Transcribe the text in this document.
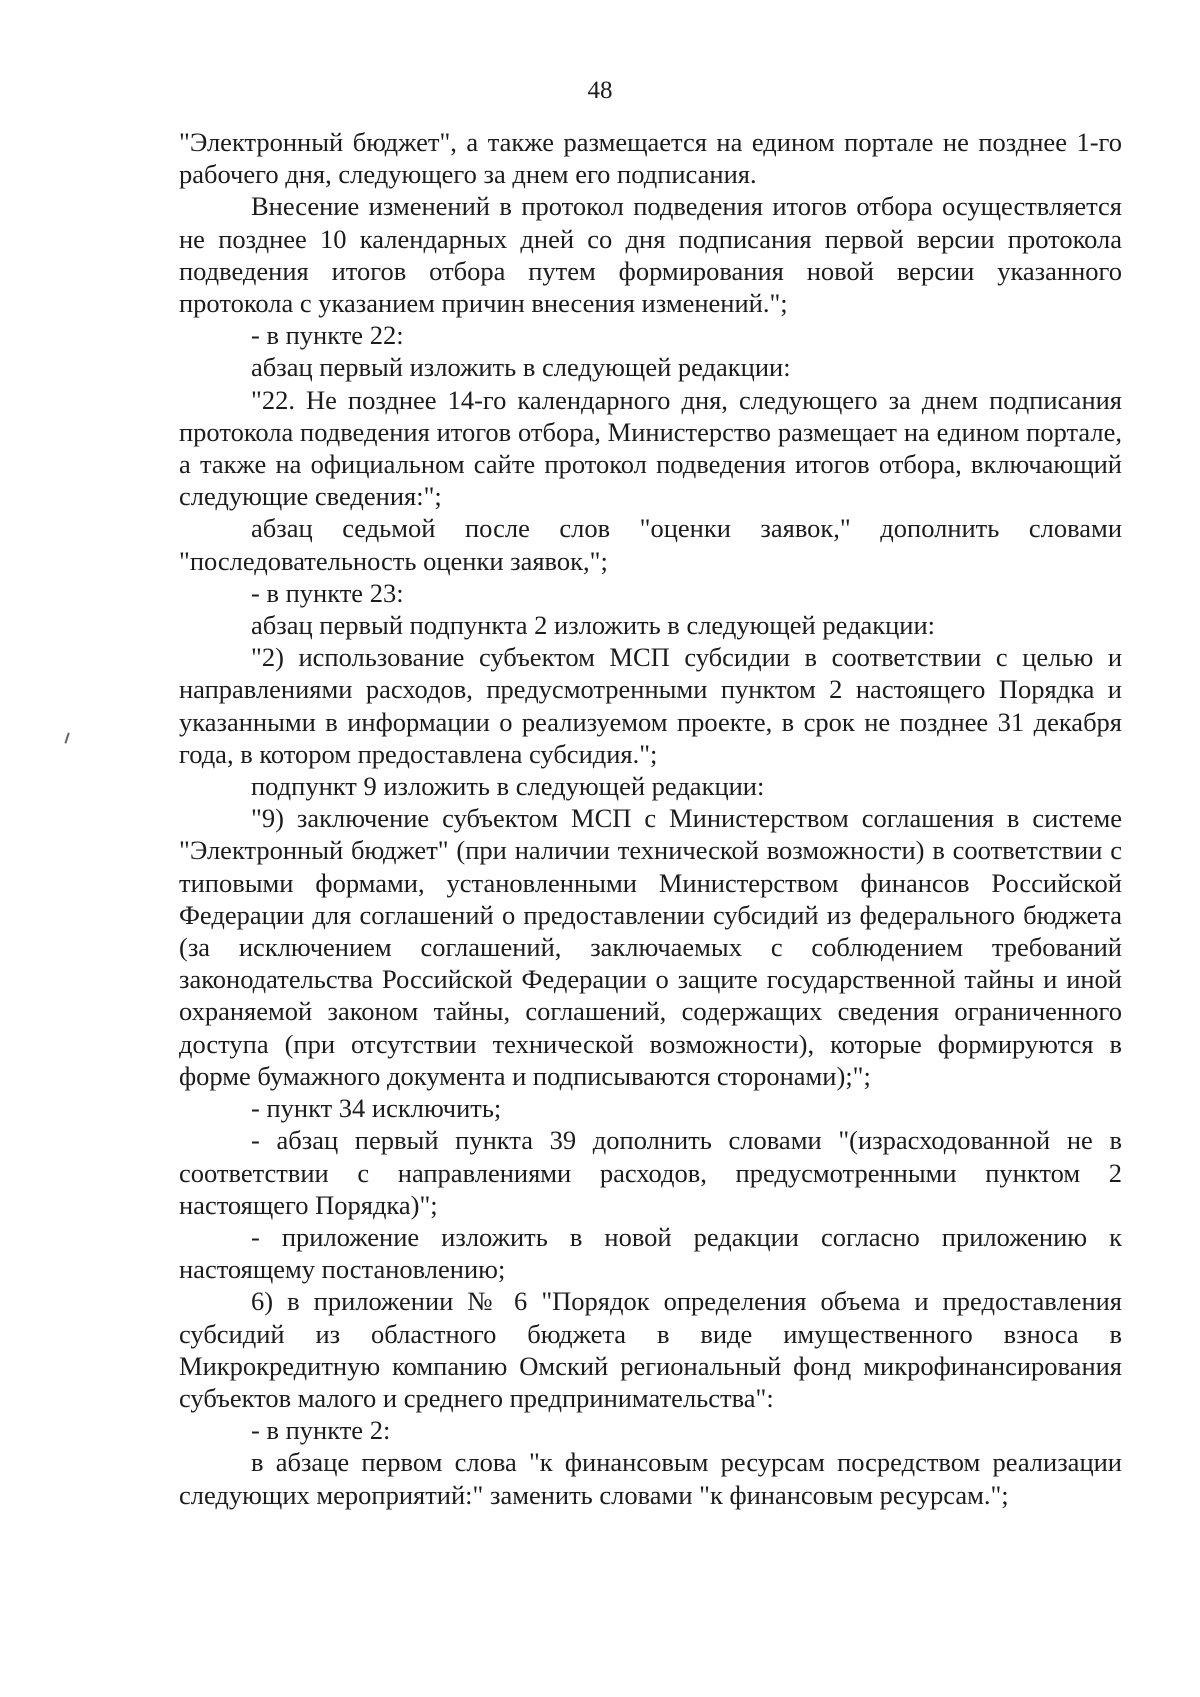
48

"Электронный бюджет", а также размещается на едином портале не позднее 1-го рабочего дня, следующего за днем его подписания.

Внесение изменений в протокол подведения итогов отбора осуществляется не позднее 10 календарных дней со дня подписания первой версии протокола подведения итогов отбора путем формирования новой версии указанного протокола с указанием причин внесения изменений.";

- в пункте 22:

абзац первый изложить в следующей редакции:

"22. Не позднее 14-го календарного дня, следующего за днем подписания протокола подведения итогов отбора, Министерство размещает на едином портале, а также на официальном сайте протокол подведения итогов отбора, включающий следующие сведения:";

абзац седьмой после слов "оценки заявок," дополнить словами "последовательность оценки заявок,";

- в пункте 23:

абзац первый подпункта 2 изложить в следующей редакции:

"2) использование субъектом МСП субсидии в соответствии с целью и направлениями расходов, предусмотренными пунктом 2 настоящего Порядка и указанными в информации о реализуемом проекте, в срок не позднее 31 декабря года, в котором предоставлена субсидия.";

подпункт 9 изложить в следующей редакции:

"9) заключение субъектом МСП с Министерством соглашения в системе "Электронный бюджет" (при наличии технической возможности) в соответствии с типовыми формами, установленными Министерством финансов Российской Федерации для соглашений о предоставлении субсидий из федерального бюджета (за исключением соглашений, заключаемых с соблюдением требований законодательства Российской Федерации о защите государственной тайны и иной охраняемой законом тайны, соглашений, содержащих сведения ограниченного доступа (при отсутствии технической возможности), которые формируются в форме бумажного документа и подписываются сторонами);";

- пункт 34 исключить;

- абзац первый пункта 39 дополнить словами "(израсходованной не в соответствии с направлениями расходов, предусмотренными пунктом 2 настоящего Порядка)";

- приложение изложить в новой редакции согласно приложению к настоящему постановлению;

6) в приложении № 6 "Порядок определения объема и предоставления субсидий из областного бюджета в виде имущественного взноса в Микрокредитную компанию Омский региональный фонд микрофинансирования субъектов малого и среднего предпринимательства":

- в пункте 2:

в абзаце первом слова "к финансовым ресурсам посредством реализации следующих мероприятий:" заменить словами "к финансовым ресурсам.";
